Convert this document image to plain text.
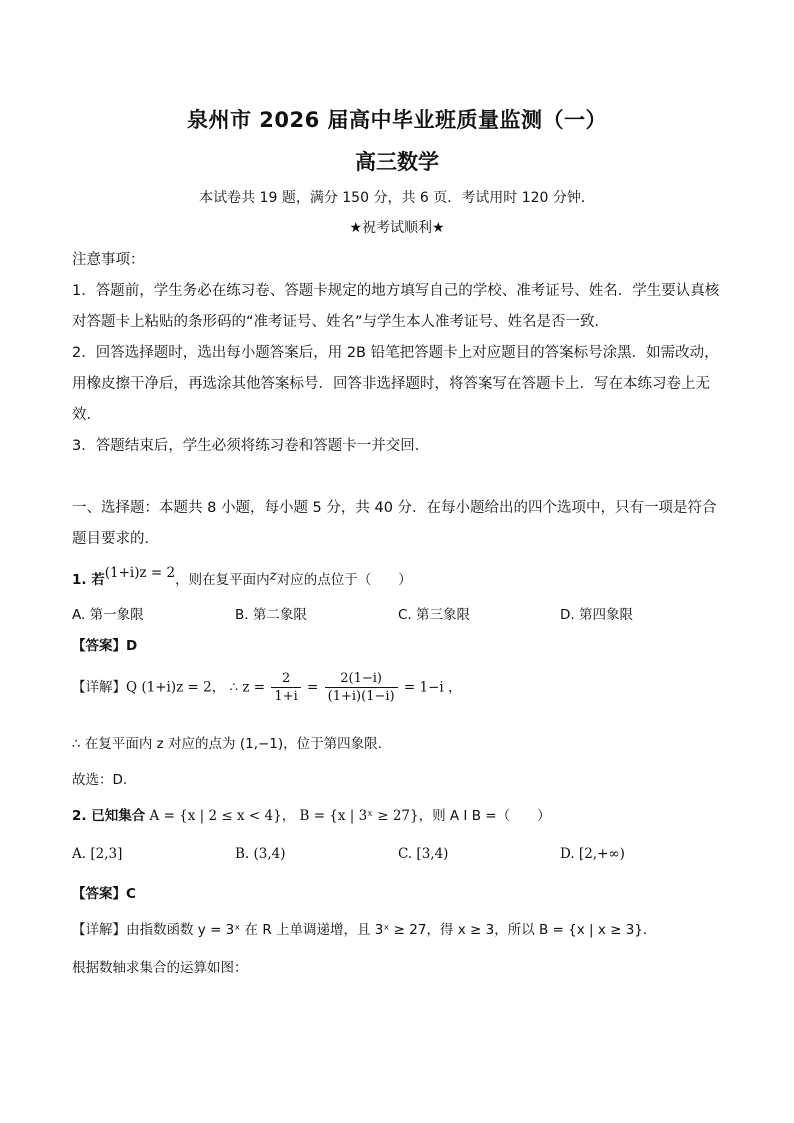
泉州市 2026 届高中毕业班质量监测（一）
高三数学
本试卷共 19 题，满分 150 分，共 6 页．考试用时 120 分钟．
★祝考试顺利★

注意事项：

1．答题前，学生务必在练习卷、答题卡规定的地方填写自己的学校、准考证号、姓名．学生要认真核对答题卡上粘贴的条形码的“准考证号、姓名”与学生本人准考证号、姓名是否一致．

2．回答选择题时，选出每小题答案后，用 2B 铅笔把答题卡上对应题目的答案标号涂黑．如需改动，用橡皮擦干净后，再选涂其他答案标号．回答非选择题时，将答案写在答题卡上．写在本练习卷上无效．

3．答题结束后，学生必须将练习卷和答题卡一并交回．

一、选择题：本题共 8 小题，每小题 5 分，共 40 分．在每小题给出的四个选项中，只有一项是符合题目要求的．
1. 若(1+i)z = 2，则在复平面内z对应的点位于（　　）
A. 第一象限	B. 第二象限	C. 第三象限	D. 第四象限
【答案】D
【详解】Q (1+i)z = 2， ∴ $z = \frac{2}{1+i} = \frac{2(1-i)}{(1+i)(1-i)} = 1-i$ ，
∴ 在复平面内 z 对应的点为 (1,−1)，位于第四象限.
故选：D.
2. 已知集合 A = {x | 2 ≤ x < 4}， B = {x | 3ˣ ≥ 27}，则 A I B =（　　）
A. [2,3]	B. (3,4)	C. [3,4)	D. [2,+∞)
【答案】C
【详解】由指数函数 y = 3ˣ 在 R 上单调递增，且 3ˣ ≥ 27，得 x ≥ 3，所以 B = {x | x ≥ 3}．
根据数轴求集合的运算如图：
